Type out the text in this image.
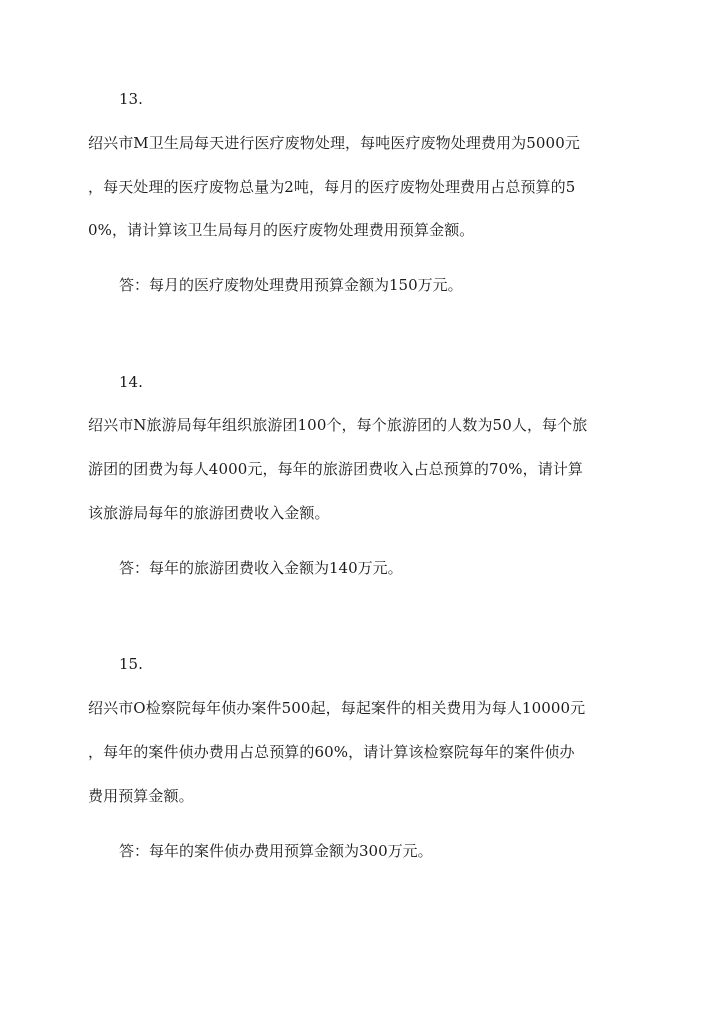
13.
绍兴市M卫生局每天进行医疗废物处理，每吨医疗废物处理费用为5000元
，每天处理的医疗废物总量为2吨，每月的医疗废物处理费用占总预算的5
0%，请计算该卫生局每月的医疗废物处理费用预算金额。
答：每月的医疗废物处理费用预算金额为150万元。
14.
绍兴市N旅游局每年组织旅游团100个，每个旅游团的人数为50人，每个旅
游团的团费为每人4000元，每年的旅游团费收入占总预算的70%，请计算
该旅游局每年的旅游团费收入金额。
答：每年的旅游团费收入金额为140万元。
15.
绍兴市O检察院每年侦办案件500起，每起案件的相关费用为每人10000元
，每年的案件侦办费用占总预算的60%，请计算该检察院每年的案件侦办
费用预算金额。
答：每年的案件侦办费用预算金额为300万元。
